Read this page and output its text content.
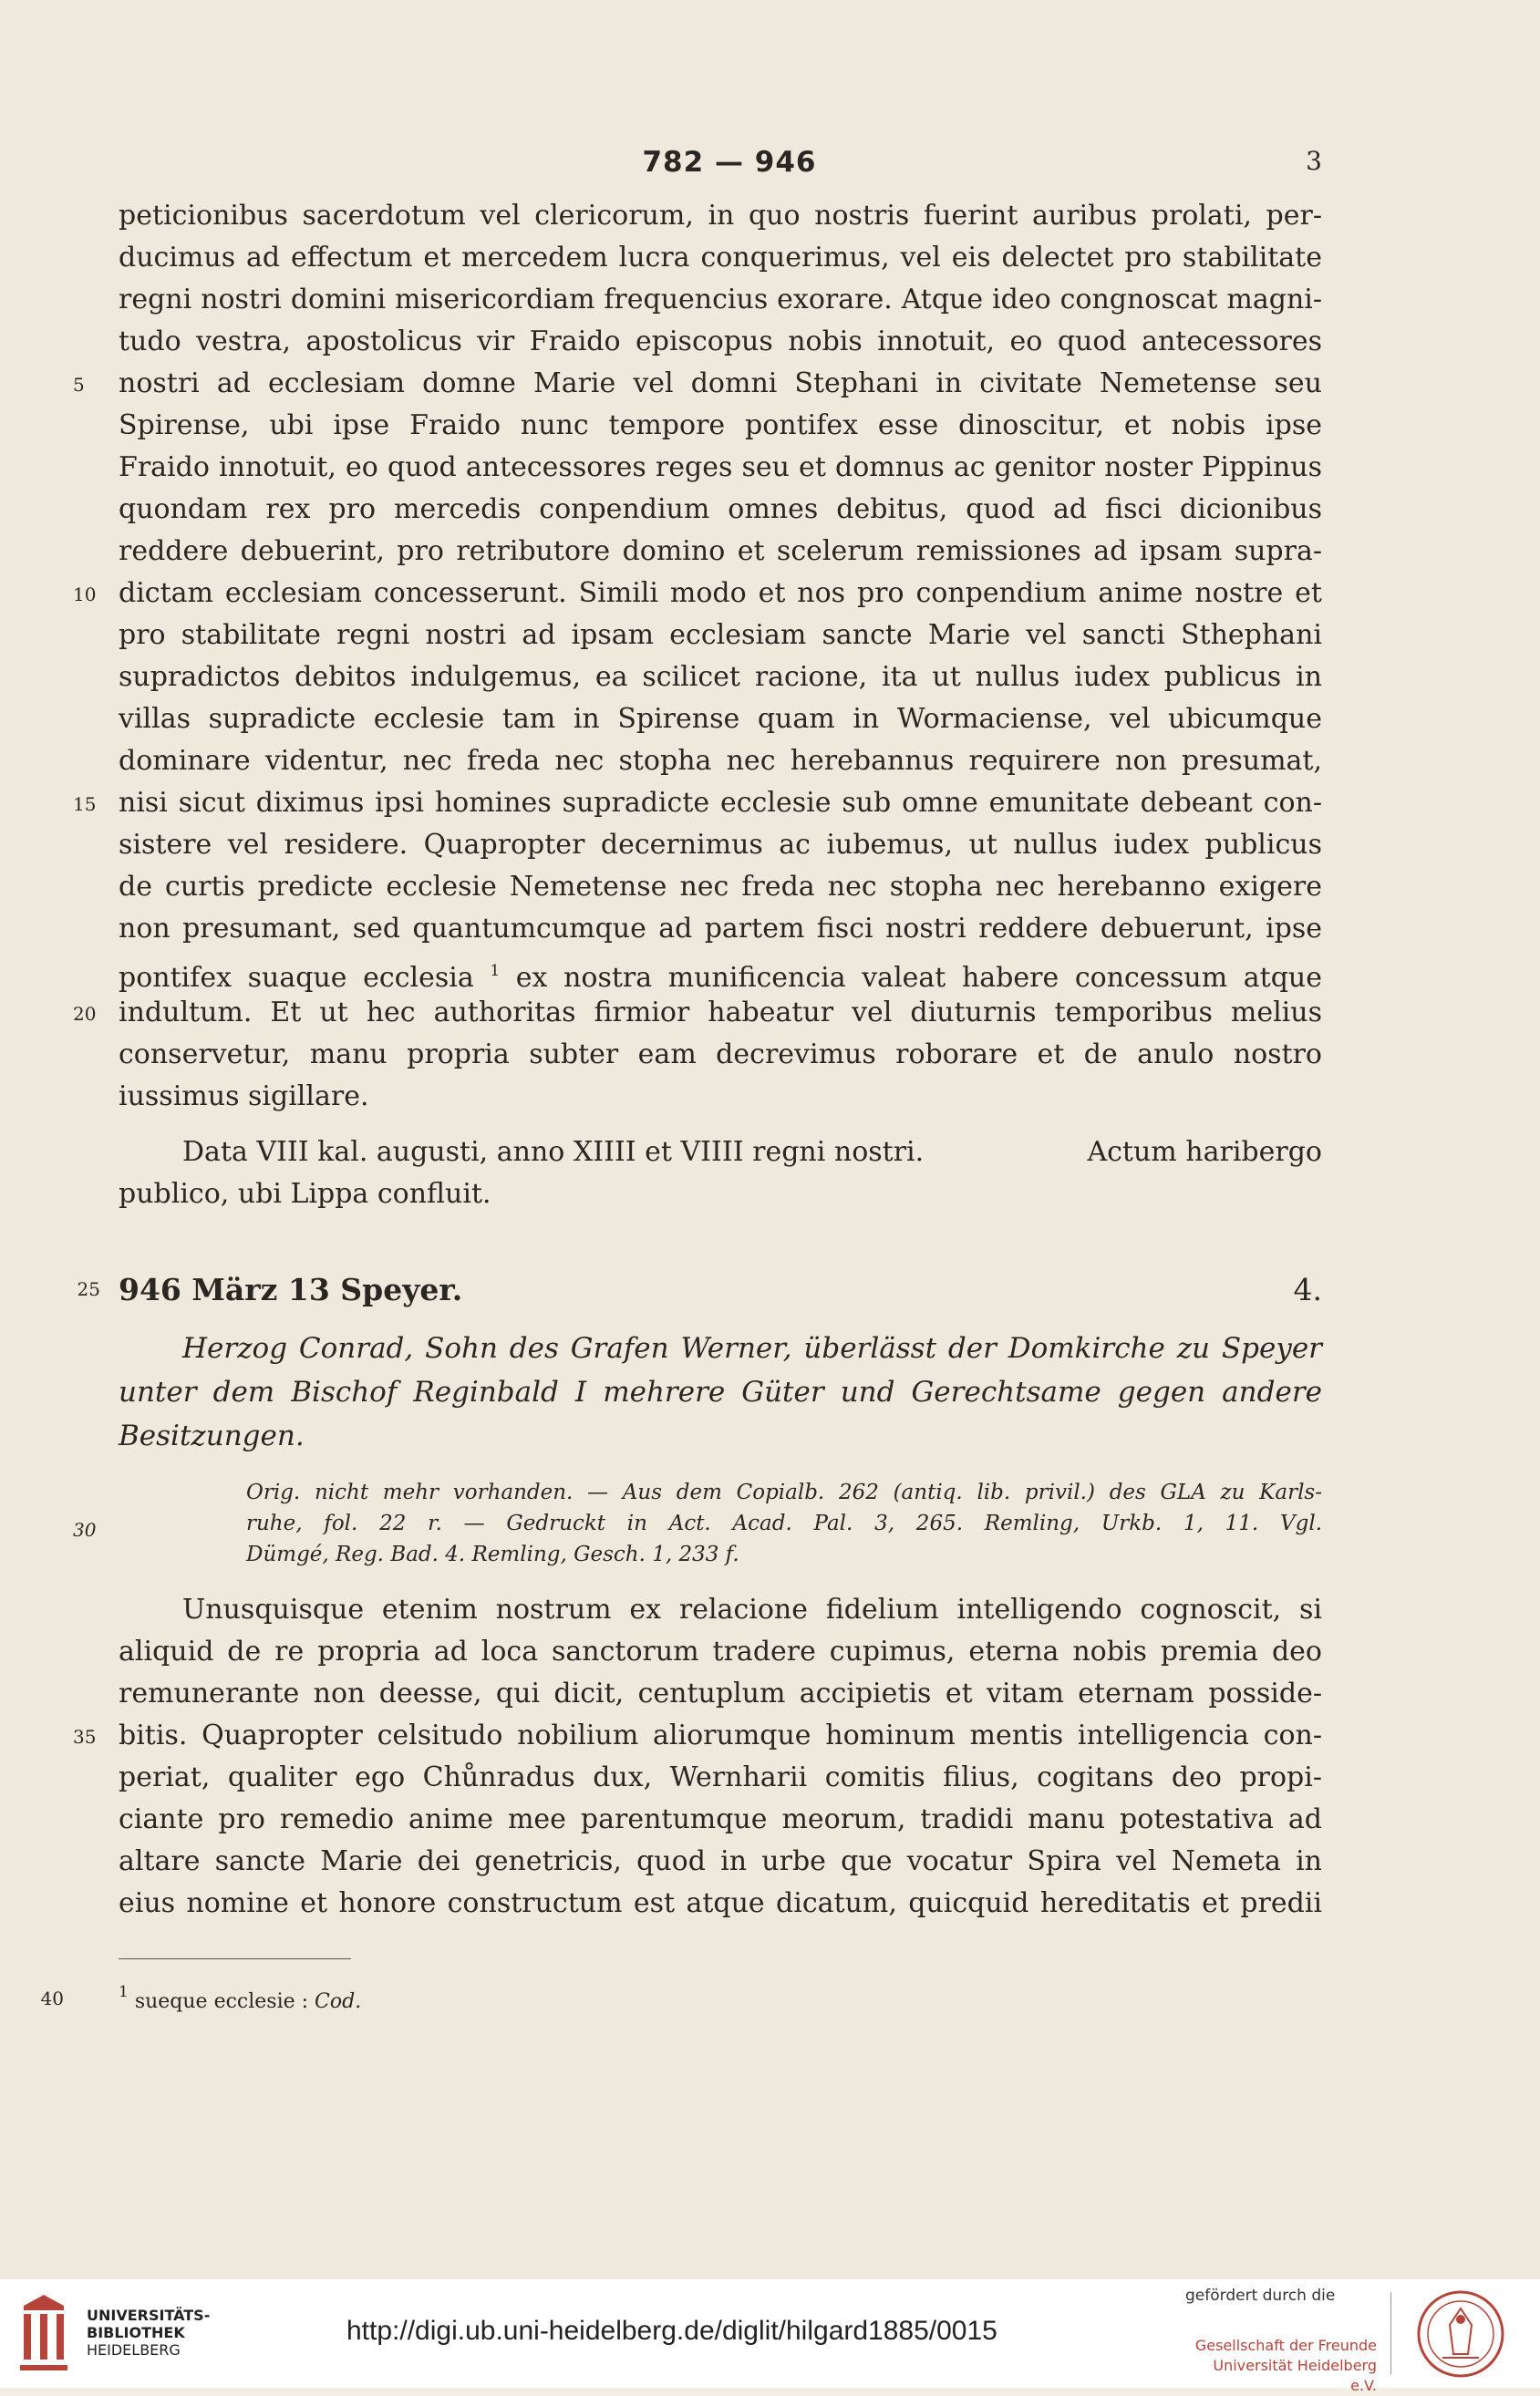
782 — 946	3
peticionibus sacerdotum vel clericorum, in quo nostris fuerint auribus prolati, per-
ducimus ad effectum et mercedem lucra conquerimus, vel eis delectet pro stabilitate
regni nostri domini misericordiam frequencius exorare. Atque ideo congnoscat magni-
tudo vestra, apostolicus vir Fraido episcopus nobis innotuit, eo quod antecessores
5	nostri ad ecclesiam domne Marie vel domni Stephani in civitate Nemetense seu
Spirense, ubi ipse Fraido nunc tempore pontifex esse dinoscitur, et nobis ipse
Fraido innotuit, eo quod antecessores reges seu et domnus ac genitor noster Pippinus
quondam rex pro mercedis conpendium omnes debitus, quod ad fisci dicionibus
reddere debuerint, pro retributore domino et scelerum remissiones ad ipsam supra-
10 dictam ecclesiam concesserunt. Simili modo et nos pro conpendium anime nostre et
pro stabilitate regni nostri ad ipsam ecclesiam sancte Marie vel sancti Sthephani
supradictos debitos indulgemus, ea scilicet racione, ita ut nullus iudex publicus in
villas supradicte ecclesie tam in Spirense quam in Wormaciense, vel ubicumque
dominare videntur, nec freda nec stopha nec herebannus requirere non presumat,
15 nisi sicut diximus ipsi homines supradicte ecclesie sub omne emunitate debeant con-
sistere vel residere. Quapropter decernimus ac iubemus, ut nullus iudex publicus
de curtis predicte ecclesie Nemetense nec freda nec stopha nec herebanno exigere
non presumant, sed quantumcumque ad partem fisci nostri reddere debuerunt, ipse
pontifex suaque ecclesia $^1$ ex nostra munificencia valeat habere concessum atque
20 indultum. Et ut hec authoritas firmior habeatur vel diuturnis temporibus melius
conservetur, manu propria subter eam decrevimus roborare et de anulo nostro
iussimus sigillare.
Data VIII kal. augusti, anno XIIII et VIIII regni nostri.	Actum haribergo
publico, ubi Lippa confluit.
25 946 März 13 Speyer.	4.
Herzog Conrad, Sohn des Grafen Werner, überlässt der Domkirche zu Speyer
unter dem Bischof Reginbald I mehrere Güter und Gerechtsame gegen andere
Besitzungen.
Orig. nicht mehr vorhanden. — Aus dem Copialb. 262 (antiq. lib. privil.) des GLA zu Karls-
30	ruhe, fol. 22 r. — Gedruckt in Act. Acad. Pal. 3, 265. Remling, Urkb. 1, 11. Vgl.
Dümgé, Reg. Bad. 4. Remling, Gesch. 1, 233 f.
Unusquisque etenim nostrum ex relacione fidelium intelligendo cognoscit, si
aliquid de re propria ad loca sanctorum tradere cupimus, eterna nobis premia deo
remunerante non deesse, qui dicit, centuplum accipietis et vitam eternam posside-
35 bitis. Quapropter celsitudo nobilium aliorumque hominum mentis intelligencia con-
periat, qualiter ego Chůnradus dux, Wernharii comitis filius, cogitans deo propi-
ciante pro remedio anime mee parentumque meorum, tradidi manu potestativa ad
altare sancte Marie dei genetricis, quod in urbe que vocatur Spira vel Nemeta in
eius nomine et honore constructum est atque dicatum, quicquid hereditatis et predii
40	$^1$ sueque ecclesie : Cod.
UNIVERSITÄTS-
BIBLIOTHEK
HEIDELBERG
http://digi.ub.uni-heidelberg.de/diglit/hilgard1885/0015
gefördert durch die
Gesellschaft der Freunde
Universität Heidelberg e.V.
